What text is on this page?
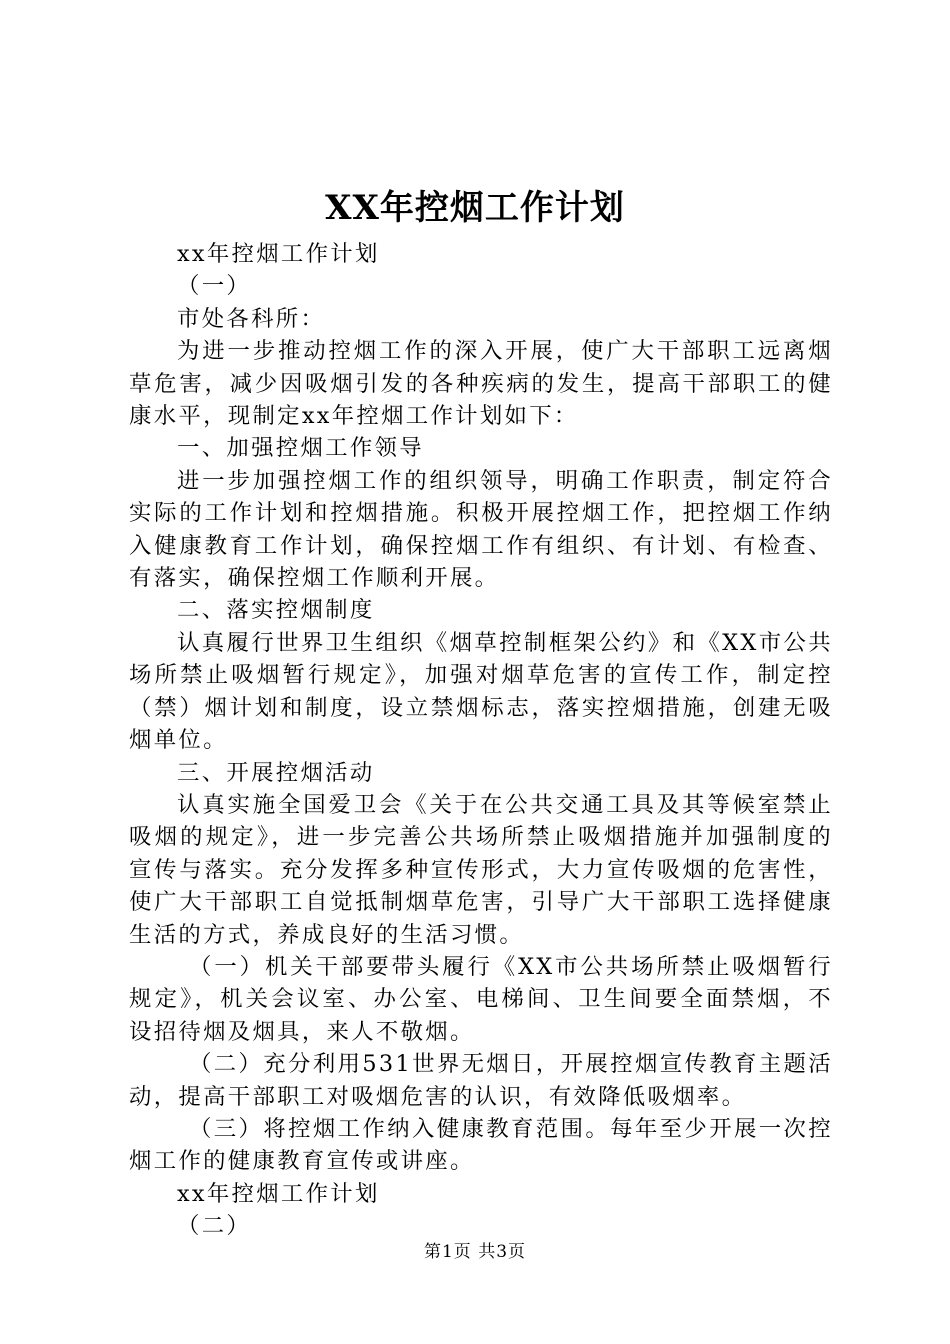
XX年控烟工作计划

xx年控烟工作计划

（一）

市处各科所：

为进一步推动控烟工作的深入开展，使广大干部职工远离烟草危害，减少因吸烟引发的各种疾病的发生，提高干部职工的健康水平，现制定xx年控烟工作计划如下：

一、加强控烟工作领导

进一步加强控烟工作的组织领导，明确工作职责，制定符合实际的工作计划和控烟措施。积极开展控烟工作，把控烟工作纳入健康教育工作计划，确保控烟工作有组织、有计划、有检查、有落实，确保控烟工作顺利开展。

二、落实控烟制度

认真履行世界卫生组织《烟草控制框架公约》和《XX市公共场所禁止吸烟暂行规定》，加强对烟草危害的宣传工作，制定控（禁）烟计划和制度，设立禁烟标志，落实控烟措施，创建无吸烟单位。

三、开展控烟活动

认真实施全国爱卫会《关于在公共交通工具及其等候室禁止吸烟的规定》，进一步完善公共场所禁止吸烟措施并加强制度的宣传与落实。充分发挥多种宣传形式，大力宣传吸烟的危害性，使广大干部职工自觉抵制烟草危害，引导广大干部职工选择健康生活的方式，养成良好的生活习惯。

（一）机关干部要带头履行《XX市公共场所禁止吸烟暂行规定》，机关会议室、办公室、电梯间、卫生间要全面禁烟，不设招待烟及烟具，来人不敬烟。

（二）充分利用531世界无烟日，开展控烟宣传教育主题活动，提高干部职工对吸烟危害的认识，有效降低吸烟率。

（三）将控烟工作纳入健康教育范围。每年至少开展一次控烟工作的健康教育宣传或讲座。

xx年控烟工作计划

（二）

第1页 共3页
